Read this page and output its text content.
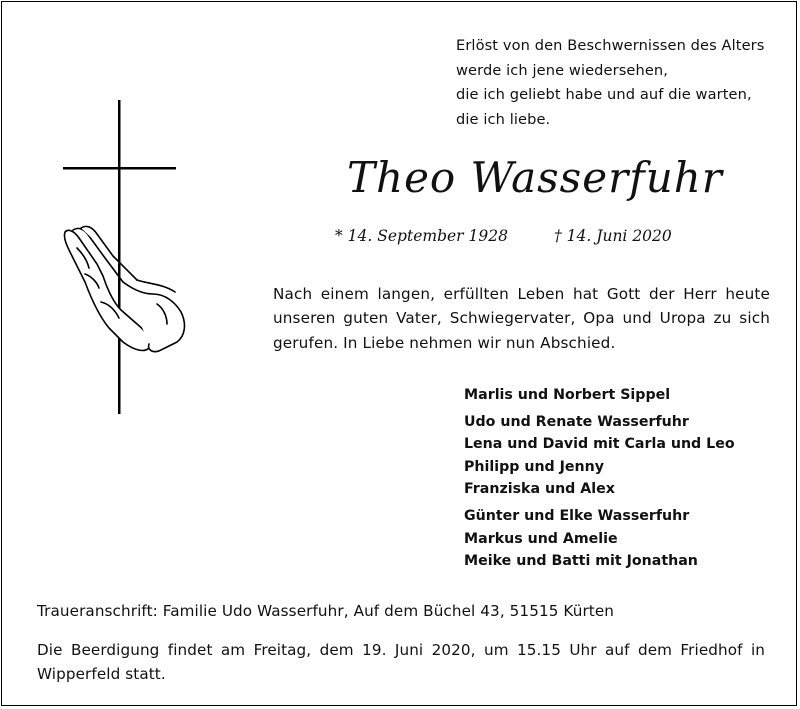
Erlöst von den Beschwernissen des Alters
werde ich jene wiedersehen,
die ich geliebt habe und auf die warten,
die ich liebe.
Theo Wasserfuhr
* 14. September 1928	† 14. Juni 2020
Nach einem langen, erfüllten Leben hat Gott der Herr heute unseren guten Vater, Schwiegervater, Opa und Uropa zu sich gerufen. In Liebe nehmen wir nun Abschied.
Marlis und Norbert Sippel
Udo und Renate Wasserfuhr
Lena und David mit Carla und Leo
Philipp und Jenny
Franziska und Alex
Günter und Elke Wasserfuhr
Markus und Amelie
Meike und Batti mit Jonathan
Traueranschrift: Familie Udo Wasserfuhr, Auf dem Büchel 43, 51515 Kürten
Die Beerdigung findet am Freitag, dem 19. Juni 2020, um 15.15 Uhr auf dem Friedhof in Wipperfeld statt.
